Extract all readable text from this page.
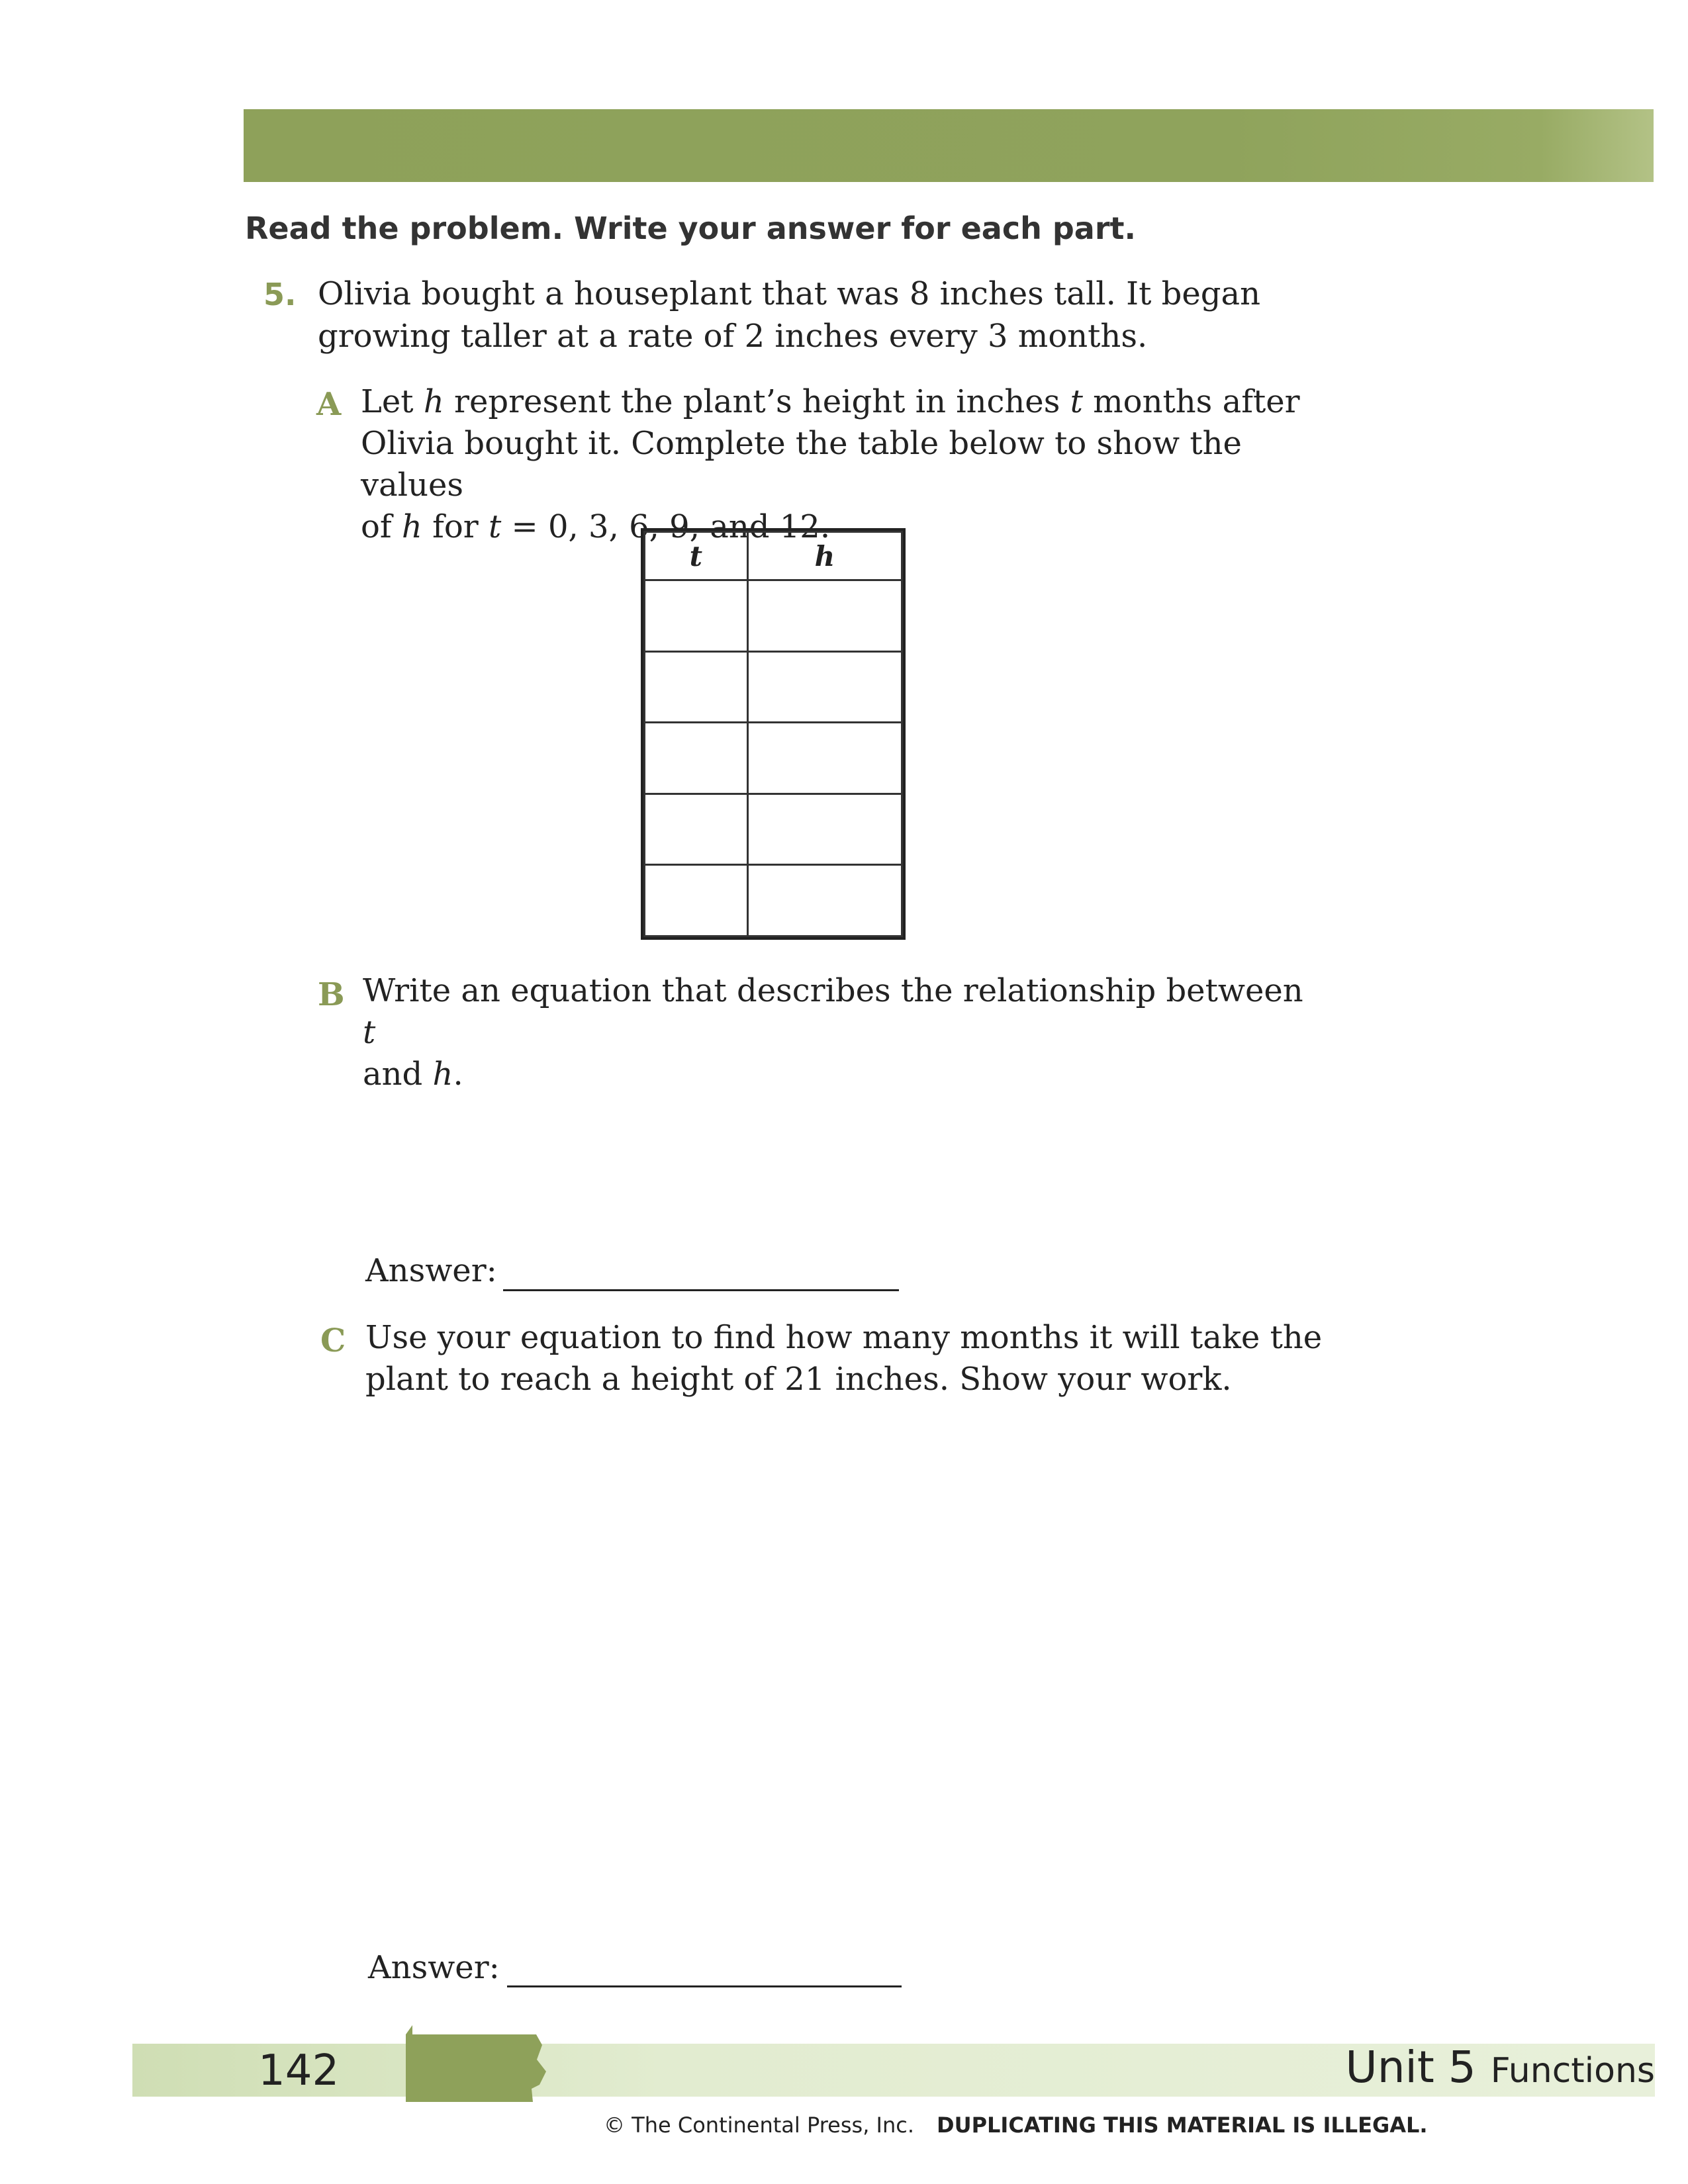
Read the problem. Write your answer for each part.
5. Olivia bought a houseplant that was 8 inches tall. It began
growing taller at a rate of 2 inches every 3 months.
A Let h represent the plant’s height in inches t months after
Olivia bought it. Complete the table below to show the values
of h for t = 0, 3, 6, 9, and 12.
t	h

B Write an equation that describes the relationship between t
and h.
Answer:
C Use your equation to find how many months it will take the
plant to reach a height of 21 inches. Show your work.
Answer:
142	Unit 5 Functions
© The Continental Press, Inc. DUPLICATING THIS MATERIAL IS ILLEGAL.
